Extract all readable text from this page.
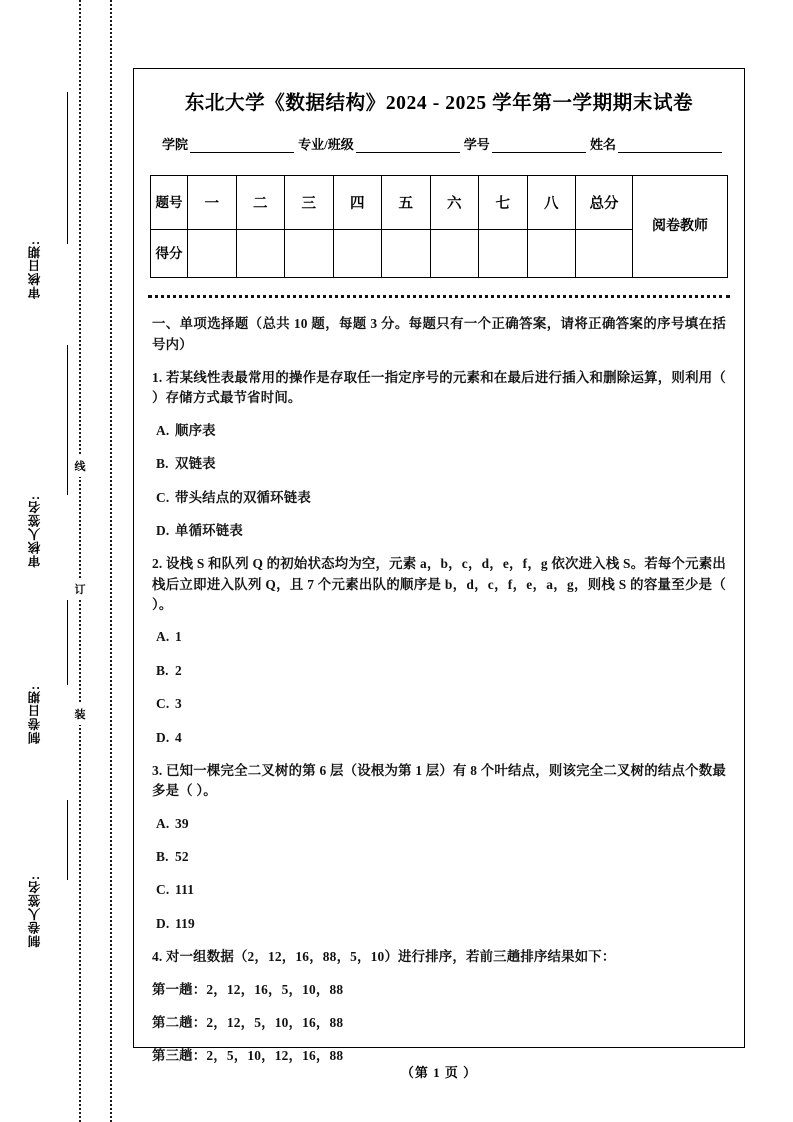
审核日期:
审核人签名:
制卷日期:
制卷人签名:
线
订
装
东北大学《数据结构》2024 - 2025 学年第一学期期末试卷
学院	专业/班级	学号	姓名
题号	一	二	三	四	五	六	七	八	总分	阅卷教师
得分										
一、单项选择题（总共 10 题，每题 3 分。每题只有一个正确答案，请将正确答案的序号填在括号内）
1. 若某线性表最常用的操作是存取任一指定序号的元素和在最后进行插入和删除运算，则利用（ ）存储方式最节省时间。
A. 顺序表
B. 双链表
C. 带头结点的双循环链表
D. 单循环链表
2. 设栈 S 和队列 Q 的初始状态均为空，元素 a，b，c，d，e，f，g 依次进入栈 S。若每个元素出栈后立即进入队列 Q，且 7 个元素出队的顺序是 b，d，c，f，e，a，g，则栈 S 的容量至少是（ ）。
A. 1
B. 2
C. 3
D. 4
3. 已知一棵完全二叉树的第 6 层（设根为第 1 层）有 8 个叶结点，则该完全二叉树的结点个数最多是（ ）。
A. 39
B. 52
C. 111
D. 119
4. 对一组数据（2，12，16，88，5，10）进行排序，若前三趟排序结果如下：
第一趟：2，12，16，5，10，88
第二趟：2，12，5，10，16，88
第三趟：2，5，10，12，16，88
（第 1 页 ）
